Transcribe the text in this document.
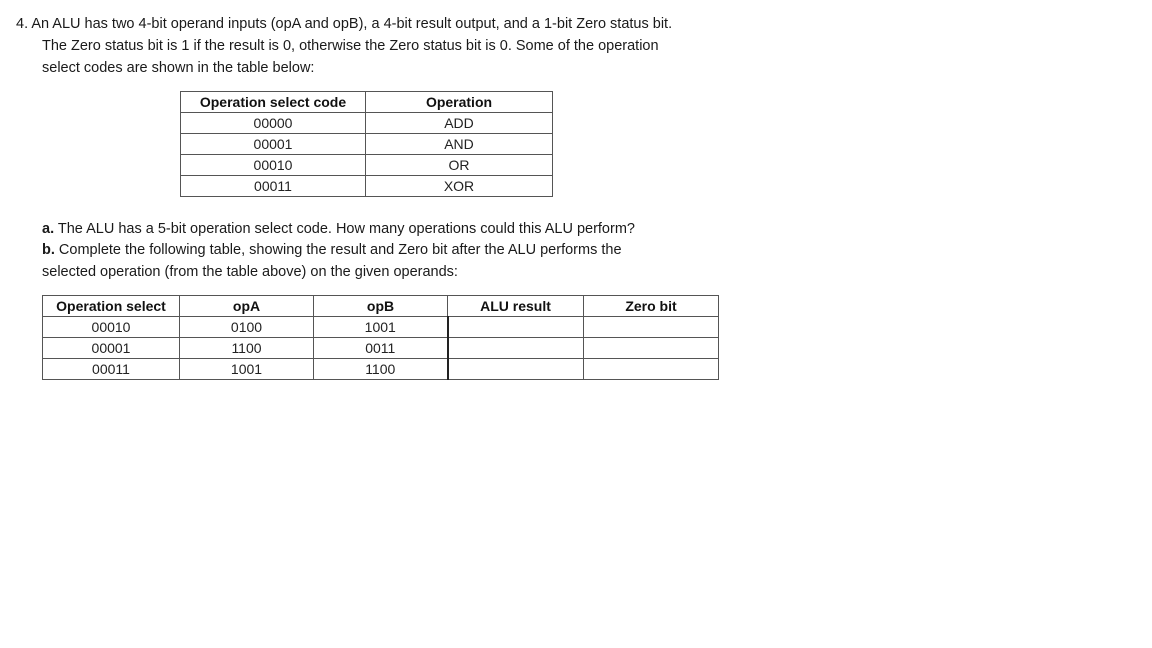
4. An ALU has two 4-bit operand inputs (opA and opB), a 4-bit result output, and a 1-bit Zero status bit.
The Zero status bit is 1 if the result is 0, otherwise the Zero status bit is 0. Some of the operation
select codes are shown in the table below:
Operation select code	Operation
00000	ADD
00001	AND
00010	OR
00011	XOR
a. The ALU has a 5-bit operation select code. How many operations could this ALU perform?
b. Complete the following table, showing the result and Zero bit after the ALU performs the
selected operation (from the table above) on the given operands:
Operation select	opA	opB	ALU result	Zero bit
00010	0100	1001		
00001	1100	0011		
00011	1001	1100		
